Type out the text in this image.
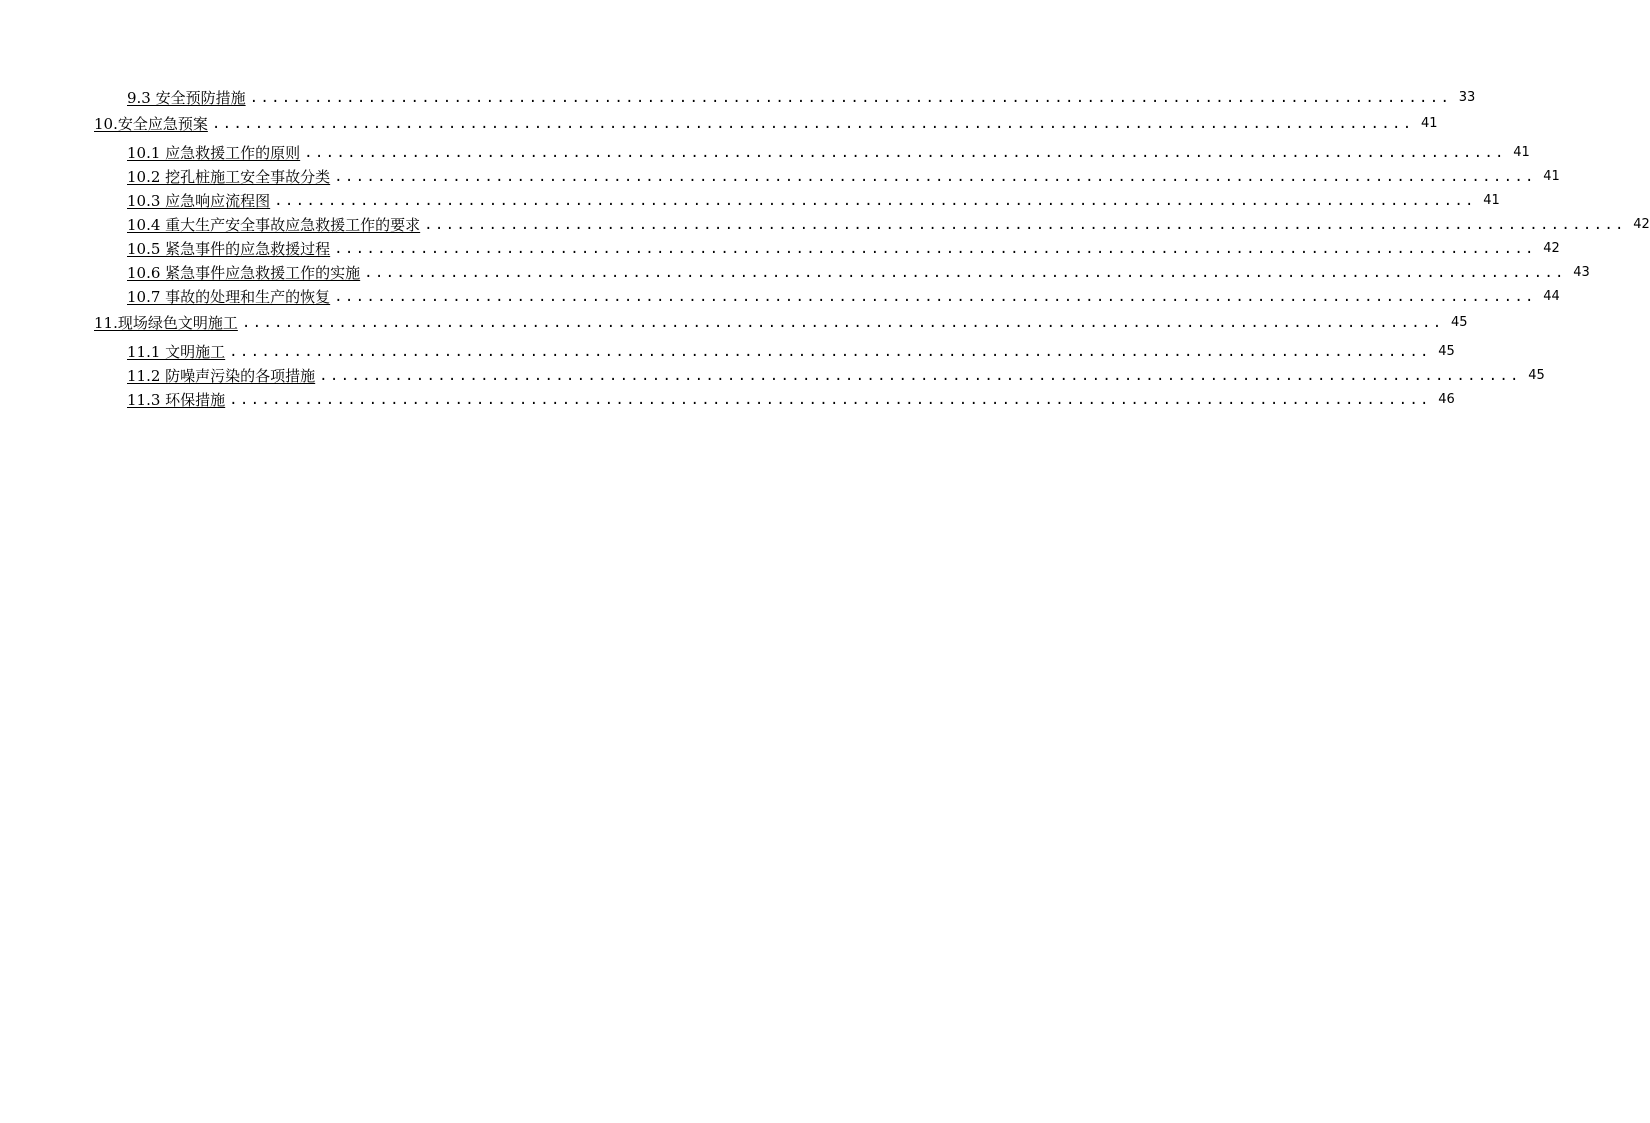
9.3 安全预防措施 ................................................................................................................ 33
10.安全应急预案 ................................................................................................................ 41
10.1 应急救援工作的原则 ................................................................................................................ 41
10.2 挖孔桩施工安全事故分类 ................................................................................................................ 41
10.3 应急响应流程图 ................................................................................................................ 41
10.4 重大生产安全事故应急救援工作的要求 ................................................................................................................ 42
10.5 紧急事件的应急救援过程 ................................................................................................................ 42
10.6 紧急事件应急救援工作的实施 ................................................................................................................ 43
10.7 事故的处理和生产的恢复 ................................................................................................................ 44
11.现场绿色文明施工 ................................................................................................................ 45
11.1 文明施工 ................................................................................................................ 45
11.2 防噪声污染的各项措施 ................................................................................................................ 45
11.3 环保措施 ................................................................................................................ 46
